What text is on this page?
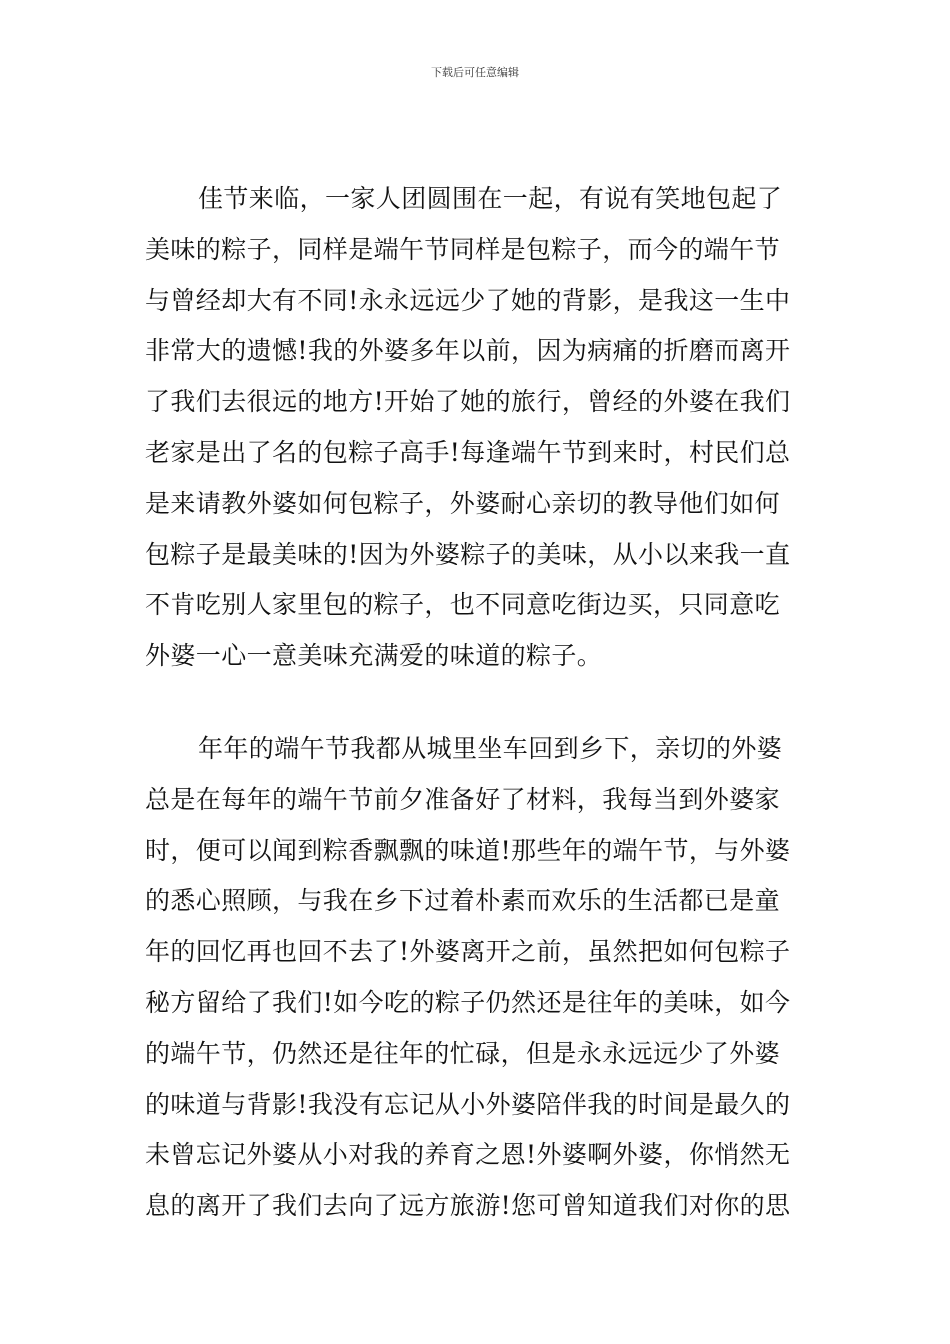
下载后可任意编辑
佳节来临，一家人团圆围在一起，有说有笑地包起了
美味的粽子，同样是端午节同样是包粽子，而今的端午节
与曾经却大有不同!永永远远少了她的背影，是我这一生中
非常大的遗憾!我的外婆多年以前，因为病痛的折磨而离开
了我们去很远的地方!开始了她的旅行，曾经的外婆在我们
老家是出了名的包粽子高手!每逢端午节到来时，村民们总
是来请教外婆如何包粽子，外婆耐心亲切的教导他们如何
包粽子是最美味的!因为外婆粽子的美味，从小以来我一直
不肯吃别人家里包的粽子，也不同意吃街边买，只同意吃
外婆一心一意美味充满爱的味道的粽子。
年年的端午节我都从城里坐车回到乡下，亲切的外婆
总是在每年的端午节前夕准备好了材料，我每当到外婆家
时，便可以闻到粽香飘飘的味道!那些年的端午节，与外婆
的悉心照顾，与我在乡下过着朴素而欢乐的生活都已是童
年的回忆再也回不去了!外婆离开之前，虽然把如何包粽子
秘方留给了我们!如今吃的粽子仍然还是往年的美味，如今
的端午节，仍然还是往年的忙碌，但是永永远远少了外婆
的味道与背影!我没有忘记从小外婆陪伴我的时间是最久的
未曾忘记外婆从小对我的养育之恩!外婆啊外婆，你悄然无
息的离开了我们去向了远方旅游!您可曾知道我们对你的思
